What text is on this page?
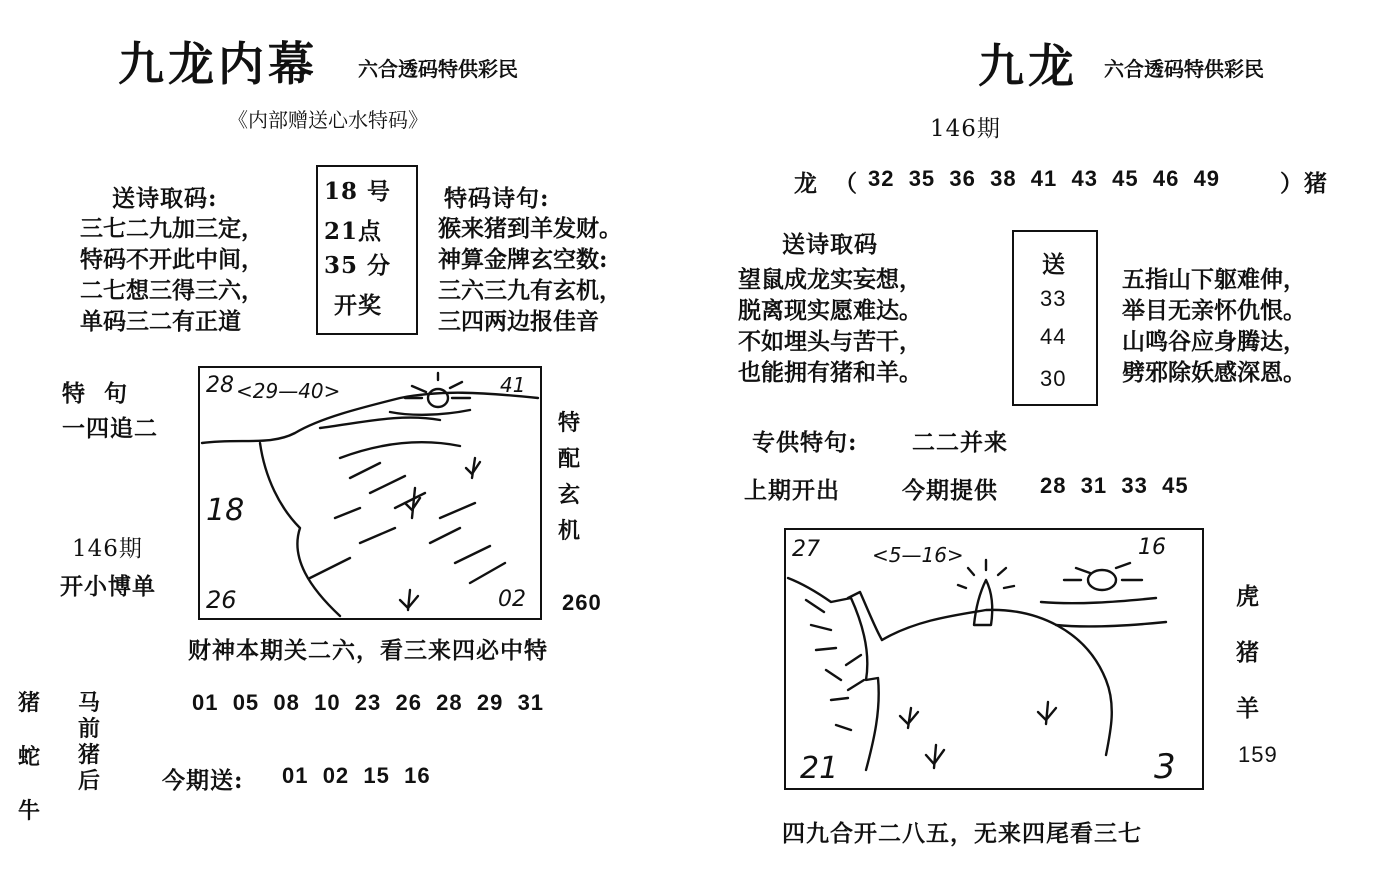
九龙内幕 六合透码特供彩民
《内部赠送心水特码》
送诗取码:
三七二九加三定，
特码不开此中间，
二七想三得三六，
单码三二有正道
18 号
21点
35 分
开奖
特码诗句:
猴来猪到羊发财。
神算金牌玄空数:
三六三九有玄机，
三四两边报佳音
特  句
一四追二
146期
开小博单
28 <29—40>	41
18
26	02
特配玄机
260
财神本期关二六，看三来四必中特
猪蛇牛
马前猪后
01  05  08  10  23  26  28  29  31
今期送: 01  02  15  16
九龙 六合透码特供彩民
146期
龙 （ 32  35  36  38  41  43  45  46  49	）猪
送诗取码
望鼠成龙实妄想，
脱离现实愿难达。
不如埋头与苦干，
也能拥有猪和羊。
送
33
44
30
五指山下躯难伸，
举目无亲怀仇恨。
山鸣谷应身腾达，
劈邪除妖感深恩。
专供特句: 二二并来
上期开出	今期提供 28  31  33  45
27	<5—16>	16
21	3
虎
猪
羊
159
四九合开二八五，无来四尾看三七
